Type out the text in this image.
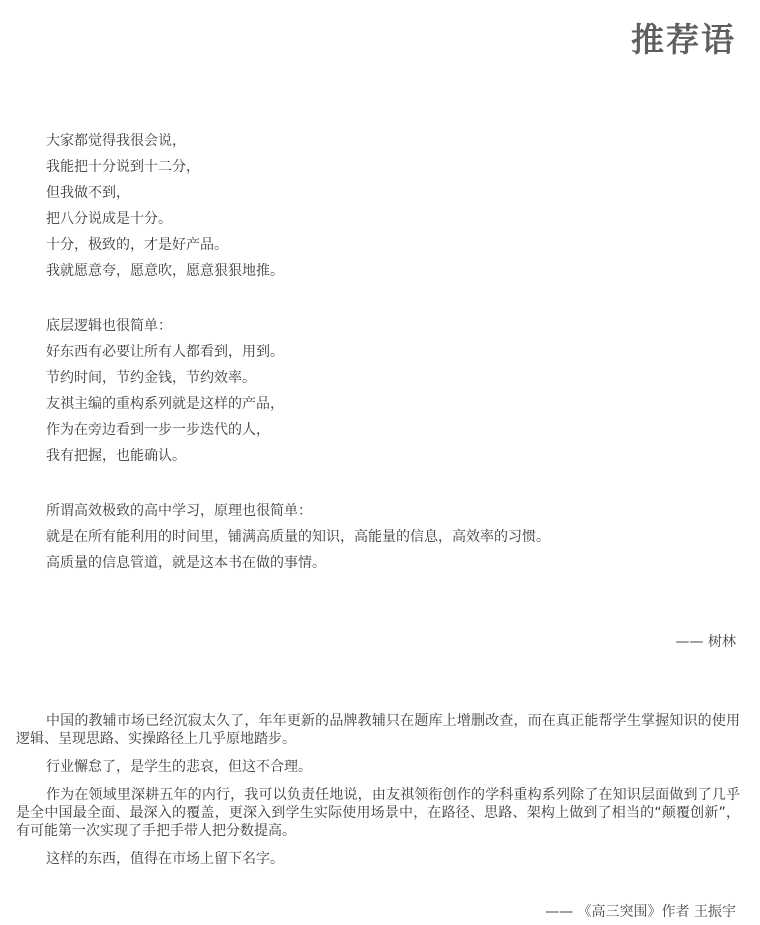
推荐语
大家都觉得我很会说，
我能把十分说到十二分，
但我做不到，
把八分说成是十分。
十分，极致的，才是好产品。
我就愿意夸，愿意吹，愿意狠狠地推。
底层逻辑也很简单：
好东西有必要让所有人都看到，用到。
节约时间，节约金钱，节约效率。
友祺主编的重构系列就是这样的产品，
作为在旁边看到一步一步迭代的人，
我有把握，也能确认。
所谓高效极致的高中学习，原理也很简单：
就是在所有能利用的时间里，铺满高质量的知识，高能量的信息，高效率的习惯。
高质量的信息管道，就是这本书在做的事情。
—— 树林

中国的教辅市场已经沉寂太久了，年年更新的品牌教辅只在题库上增删改查，而在真正能帮学生掌握知识的使用逻辑、呈现思路、实操路径上几乎原地踏步。

行业懈怠了，是学生的悲哀，但这不合理。

作为在领域里深耕五年的内行，我可以负责任地说，由友祺领衔创作的学科重构系列除了在知识层面做到了几乎是全中国最全面、最深入的覆盖，更深入到学生实际使用场景中，在路径、思路、架构上做到了相当的“颠覆创新”，有可能第一次实现了手把手带人把分数提高。

这样的东西，值得在市场上留下名字。

—— 《高三突围》作者 王振宇
